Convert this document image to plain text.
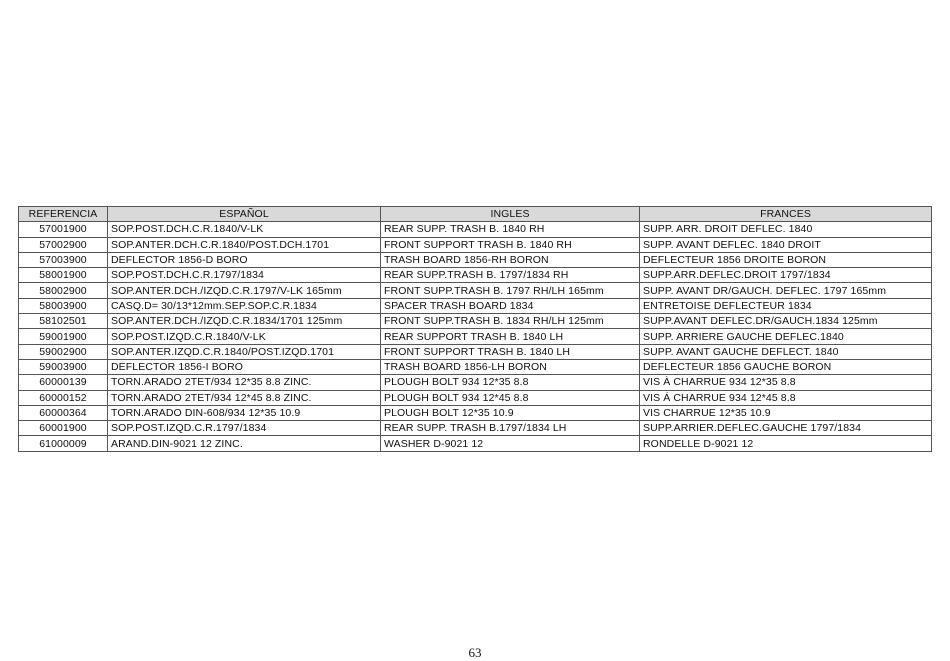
REFERENCIA	ESPAÑOL	INGLES	FRANCES
57001900	SOP.POST.DCH.C.R.1840/V-LK	REAR SUPP. TRASH B. 1840 RH	SUPP. ARR. DROIT DEFLEC. 1840
57002900	SOP.ANTER.DCH.C.R.1840/POST.DCH.1701	FRONT SUPPORT TRASH B. 1840 RH	SUPP. AVANT DEFLEC. 1840 DROIT
57003900	DEFLECTOR 1856-D BORO	TRASH BOARD 1856-RH BORON	DEFLECTEUR 1856 DROITE BORON
58001900	SOP.POST.DCH.C.R.1797/1834	REAR SUPP.TRASH B. 1797/1834 RH	SUPP.ARR.DEFLEC.DROIT 1797/1834
58002900	SOP.ANTER.DCH./IZQD.C.R.1797/V-LK 165mm	FRONT SUPP.TRASH B. 1797 RH/LH 165mm	SUPP. AVANT DR/GAUCH. DEFLEC. 1797 165mm
58003900	CASQ.D= 30/13*12mm.SEP.SOP.C.R.1834	SPACER TRASH BOARD 1834	ENTRETOISE DEFLECTEUR 1834
58102501	SOP.ANTER.DCH./IZQD.C.R.1834/1701 125mm	FRONT SUPP.TRASH B. 1834 RH/LH 125mm	SUPP.AVANT DEFLEC.DR/GAUCH.1834 125mm
59001900	SOP.POST.IZQD.C.R.1840/V-LK	REAR SUPPORT TRASH B. 1840 LH	SUPP. ARRIERE GAUCHE DEFLEC.1840
59002900	SOP.ANTER.IZQD.C.R.1840/POST.IZQD.1701	FRONT SUPPORT TRASH B. 1840 LH	SUPP. AVANT GAUCHE DEFLECT. 1840
59003900	DEFLECTOR 1856-I BORO	TRASH BOARD 1856-LH BORON	DEFLECTEUR 1856 GAUCHE BORON
60000139	TORN.ARADO 2TET/934 12*35 8.8 ZINC.	PLOUGH BOLT 934 12*35 8.8	VIS À CHARRUE 934 12*35 8.8
60000152	TORN.ARADO 2TET/934 12*45 8.8 ZINC.	PLOUGH BOLT 934 12*45 8.8	VIS Á CHARRUE 934 12*45 8.8
60000364	TORN.ARADO DIN-608/934 12*35 10.9	PLOUGH BOLT 12*35 10.9	VIS CHARRUE 12*35 10.9
60001900	SOP.POST.IZQD.C.R.1797/1834	REAR SUPP. TRASH B.1797/1834 LH	SUPP.ARRIER.DEFLEC.GAUCHE 1797/1834
61000009	ARAND.DIN-9021 12 ZINC.	WASHER D-9021 12	RONDELLE D-9021 12
63
